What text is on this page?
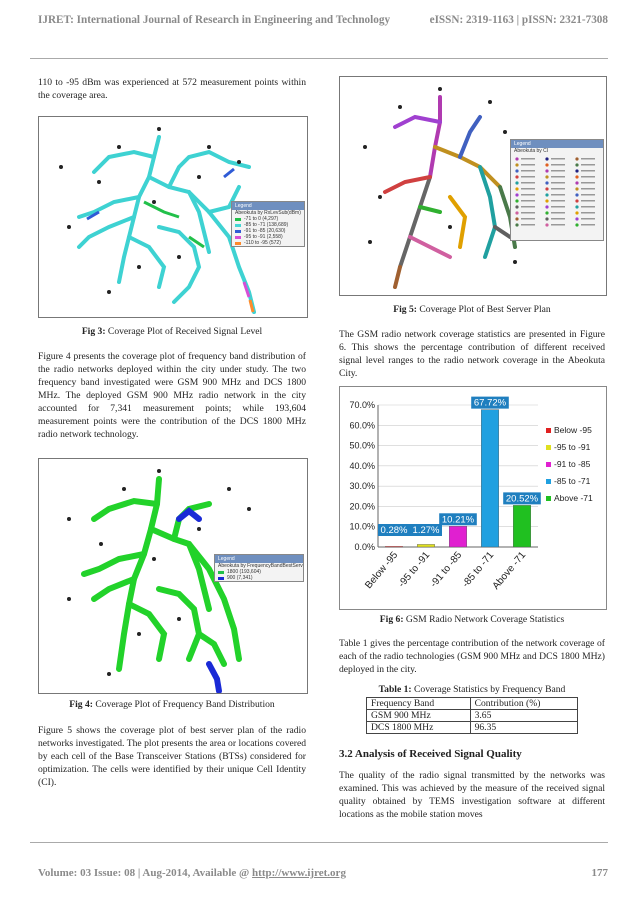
IJRET: International Journal of Research in Engineering and Technology	eISSN: 2319-1163 | pISSN: 2321-7308
110 to -95 dBm was experienced at 572 measurement points within the coverage area.
Legend
Abeokuta by RxLevSub(dBm)
-71 to 0 (4,297)
-85 to -71 (138,689)
-91 to -85 (20,630)
-95 to -91 (2,558)
-110 to -95 (572)
Fig 3: Coverage Plot of Received Signal Level
Figure 4 presents the coverage plot of frequency band distribution of the radio networks deployed within the city under study. The two frequency band investigated were GSM 900 MHz and DCS 1800 MHz. The deployed GSM 900 MHz radio network in the city accounted for 7,341 measurement points; while 193,604 measurement points were the contribution of the DCS 1800 MHz radio network technology.
Legend
Abeokuta by FrequencyBandBestServ
1800 (193,604)
900 (7,341)
Fig 4: Coverage Plot of Frequency Band Distribution
Figure 5 shows the coverage plot of best server plan of the radio networks investigated. The plot presents the area or locations covered by each cell of the Base Transceiver Stations (BTSs) considered for optimization. The cells were identified by their unique Cell Identity (CI).
Legend
Abeokuta by CI
Fig 5: Coverage Plot of Best Server Plan
The GSM radio network coverage statistics are presented in Figure 6. This shows the percentage contribution of different received signal level ranges to the radio network coverage in the Abeokuta City.
0.0%
10.0%
20.0%
30.0%
40.0%
50.0%
60.0%
70.0%
0.28%
Below -95
1.27%
-95 to -91
10.21%
-91 to -85
67.72%
-85 to -71
20.52%
Above -71
Below -95
-95 to -91
-91 to -85
-85 to -71
Above -71
Fig 6: GSM Radio Network Coverage Statistics
Table 1 gives the percentage contribution of the network coverage of each of the radio technologies (GSM 900 MHz and DCS 1800 MHz) deployed in the city.
Table 1: Coverage Statistics by Frequency Band
Frequency Band	Contribution (%)
GSM 900 MHz	3.65
DCS 1800 MHz	96.35
3.2 Analysis of Received Signal Quality
The quality of the radio signal transmitted by the networks was examined. This was achieved by the measure of the received signal quality obtained by TEMS investigation software at different locations as the mobile station moves
Volume: 03 Issue: 08 | Aug-2014, Available @ http://www.ijret.org	177
